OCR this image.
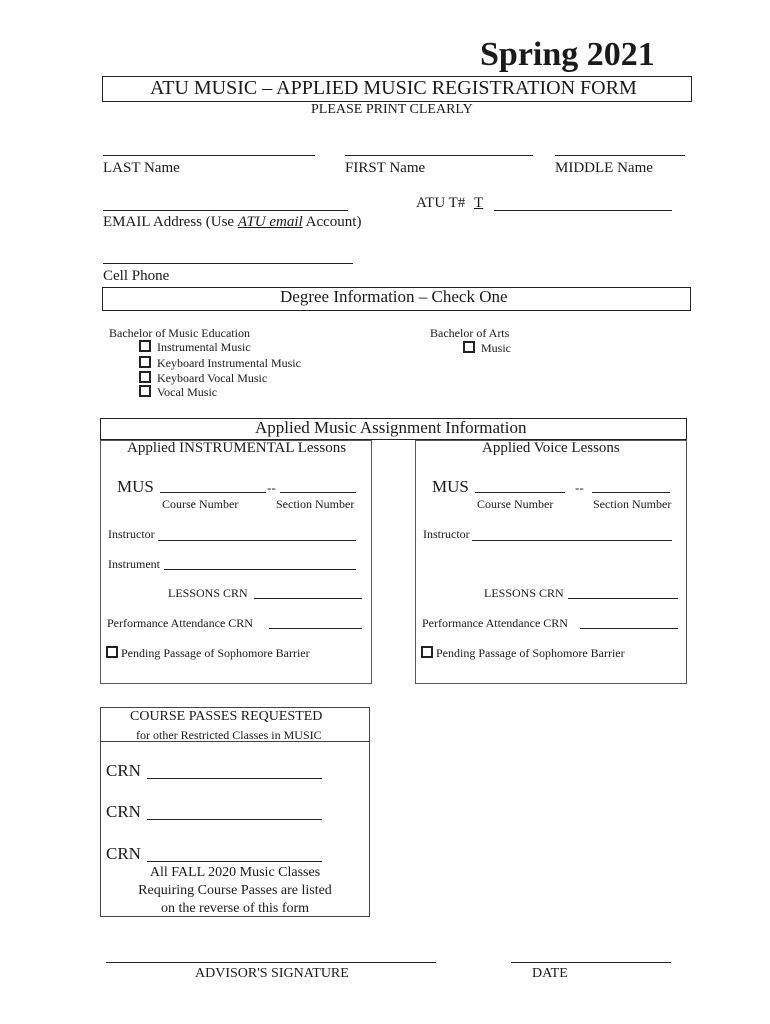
Spring 2021
ATU MUSIC – APPLIED MUSIC REGISTRATION FORM
PLEASE PRINT CLEARLY
LAST Name	FIRST Name	MIDDLE Name
ATU T# T
EMAIL Address (Use ATU email Account)
Cell Phone
Degree Information – Check One
Bachelor of Music Education
Instrumental Music
Keyboard Instrumental Music
Keyboard Vocal Music
Vocal Music
Bachelor of Arts
Music
Applied Music Assignment Information
Applied INSTRUMENTAL Lessons
MUS	--
Course Number	Section Number
Instructor
Instrument
LESSONS CRN
Performance Attendance CRN
Pending Passage of Sophomore Barrier
Applied Voice Lessons
MUS	--
Course Number	Section Number
Instructor
LESSONS CRN
Performance Attendance CRN
Pending Passage of Sophomore Barrier
COURSE PASSES REQUESTED
for other Restricted Classes in MUSIC
CRN
CRN
CRN
All FALL 2020 Music Classes
Requiring Course Passes are listed
on the reverse of this form
ADVISOR'S SIGNATURE	DATE
